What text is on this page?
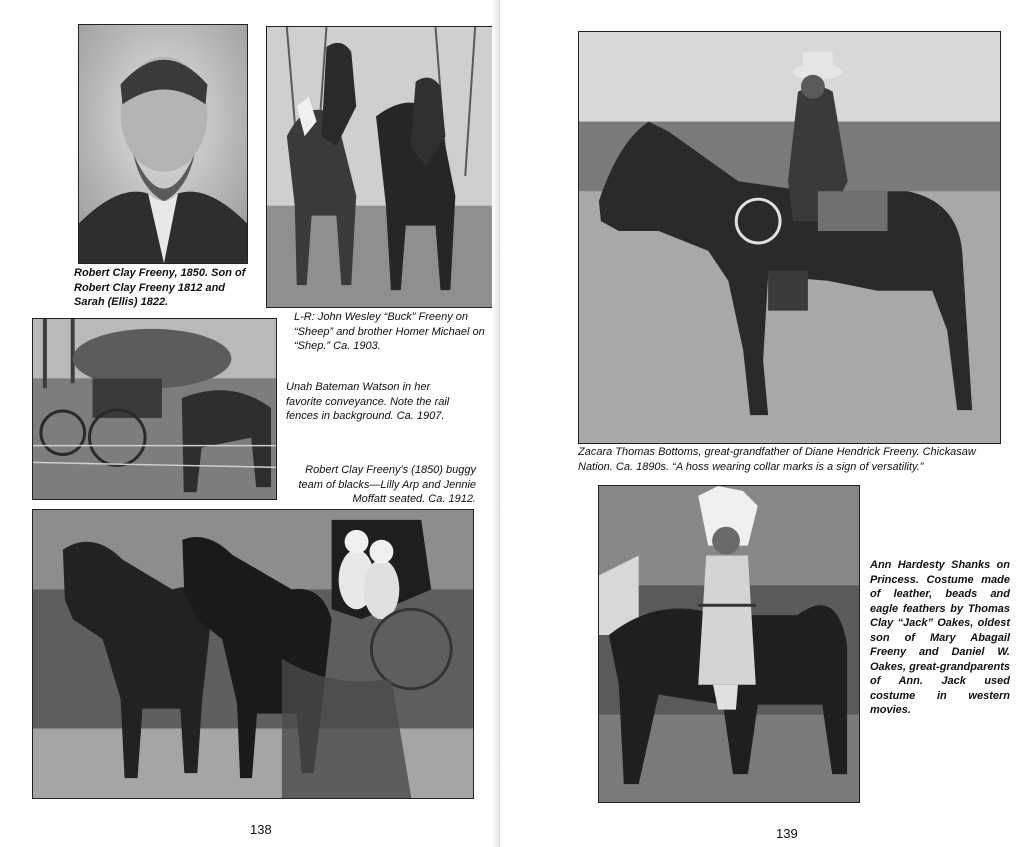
Robert Clay Freeny, 1850. Son of Robert Clay Freeny 1812 and Sarah (Ellis) 1822.
L-R: John Wesley “Buck” Freeny on “Sheep” and brother Homer Michael on “Shep.” Ca. 1903.
Unah Bateman Watson in her favorite conveyance. Note the rail fences in background. Ca. 1907.
Robert Clay Freeny's (1850) buggy team of blacks—Lilly Arp and Jennie Moffatt seated. Ca. 1912.
138
Zacara Thomas Bottoms, great-grandfather of Diane Hendrick Freeny. Chickasaw Nation. Ca. 1890s. “A hoss wearing collar marks is a sign of versatility.”
Ann Hardesty Shanks on Princess. Costume made of leather, beads and eagle feathers by Thomas Clay “Jack” Oakes, oldest son of Mary Abagail Freeny and Daniel W. Oakes, great-grandparents of Ann. Jack used costume in western movies.
139
